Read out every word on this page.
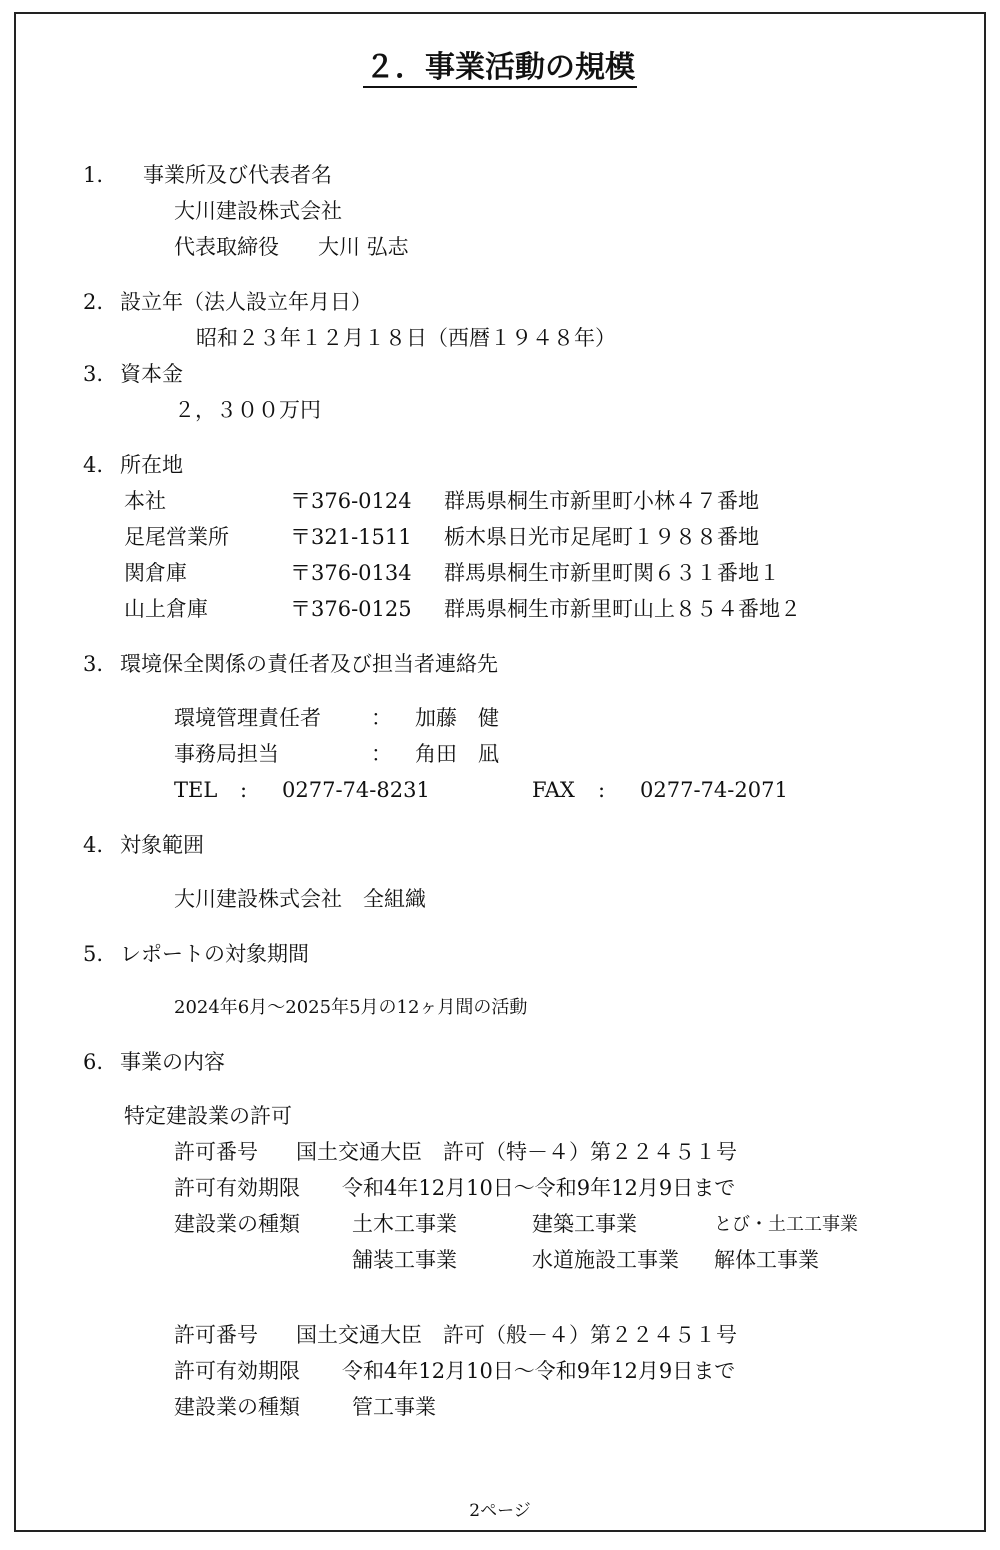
２．事業活動の規模
1. 事業所及び代表者名
大川建設株式会社
代表取締役 大川 弘志
2. 設立年（法人設立年月日）
昭和２３年１２月１８日（西暦１９４８年）
3. 資本金
２，３００万円
4. 所在地
本社	〒376-0124 群馬県桐生市新里町小林４７番地
足尾営業所	〒321-1511 栃木県日光市足尾町１９８８番地
関倉庫	〒376-0134 群馬県桐生市新里町関６３１番地１
山上倉庫	〒376-0125 群馬県桐生市新里町山上８５４番地２
3. 環境保全関係の責任者及び担当者連絡先
環境管理責任者 ： 加藤　健
事務局担当	： 角田　凪
TEL : 0277-74-8231	FAX : 0277-74-2071
4. 対象範囲
大川建設株式会社　全組織
5. レポートの対象期間
2024年6月～2025年5月の12ヶ月間の活動
6. 事業の内容
特定建設業の許可
許可番号 国土交通大臣　許可（特－４）第２２４５１号
許可有効期限 令和4年12月10日～令和9年12月9日まで
建設業の種類 土木工事業	建築工事業	とび・土工工事業
舗装工事業	水道施設工事業 解体工事業
許可番号 国土交通大臣　許可（般－４）第２２４５１号
許可有効期限 令和4年12月10日～令和9年12月9日まで
建設業の種類 管工事業
2ページ
